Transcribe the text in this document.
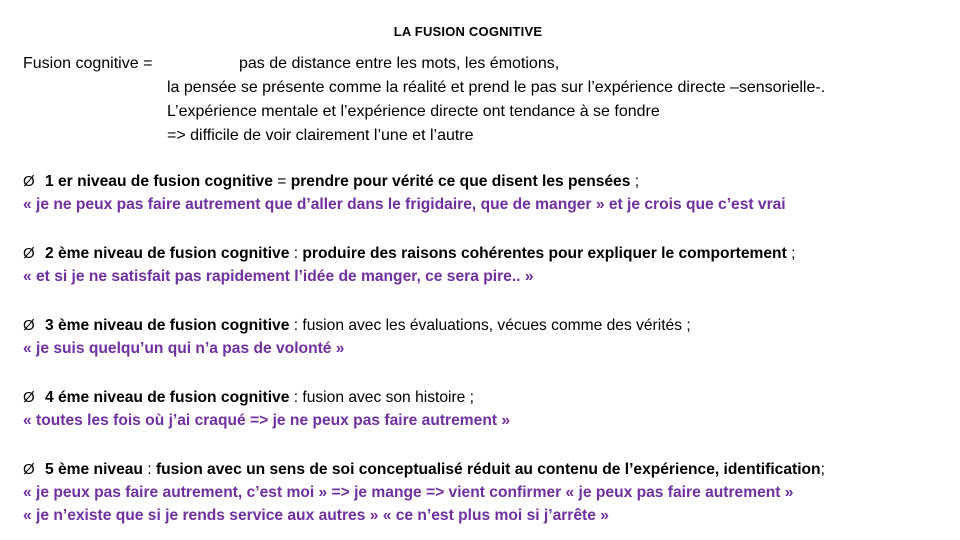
LA FUSION COGNITIVE
Fusion cognitive =	pas de distance entre les mots, les émotions,
la pensée se présente comme la réalité et prend le pas sur l’expérience directe –sensorielle-.
L’expérience mentale et l’expérience directe ont tendance à se fondre
=> difficile de voir clairement l’une et l’autre
Ø 1 er niveau de fusion cognitive = prendre pour vérité ce que disent les pensées ;
« je ne peux pas faire autrement que d’aller dans le frigidaire, que de manger » et je crois que c’est vrai
Ø 2 ème niveau de fusion cognitive : produire des raisons cohérentes pour expliquer le comportement ;
« et si je ne satisfait pas rapidement l’idée de manger, ce sera pire.. »
Ø 3 ème niveau de fusion cognitive : fusion avec les évaluations, vécues comme des vérités ;
« je suis quelqu’un qui n’a pas de volonté »
Ø 4 éme niveau de fusion cognitive : fusion avec son histoire ;
« toutes les fois où j’ai craqué => je ne peux pas faire autrement »
Ø 5 ème niveau : fusion avec un sens de soi conceptualisé réduit au contenu de l’expérience, identification;
« je peux pas faire autrement, c’est moi » => je mange => vient confirmer « je peux pas faire autrement »
« je n’existe que si je rends service aux autres » « ce n’est plus moi si j’arrête »
